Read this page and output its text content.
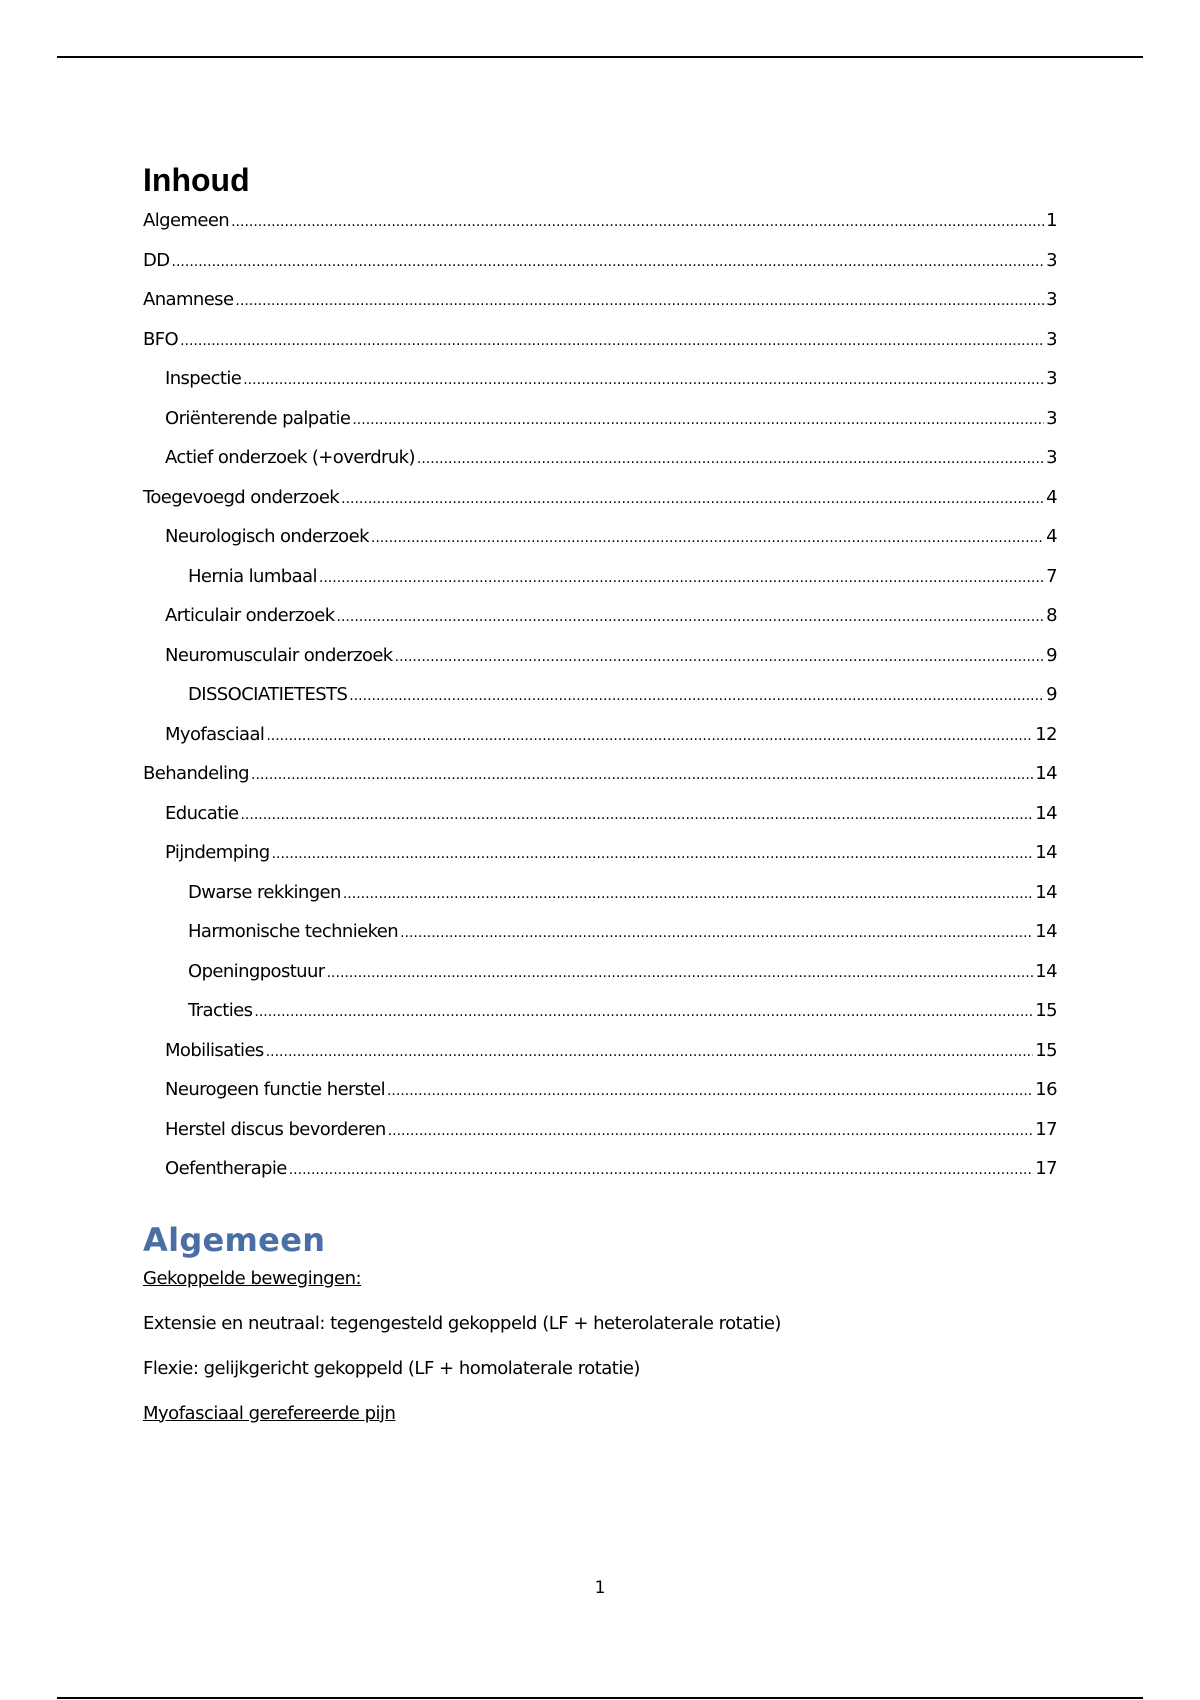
Inhoud
Algemeen .....	1
DD .....	3
Anamnese .....	3
BFO .....	3
Inspectie .....	3
Oriënterende palpatie .....	3
Actief onderzoek (+overdruk) .....	3
Toegevoegd onderzoek .....	4
Neurologisch onderzoek .....	4
Hernia lumbaal .....	7
Articulair onderzoek .....	8
Neuromusculair onderzoek .....	9
DISSOCIATIETESTS .....	9
Myofasciaal .....	12
Behandeling .....	14
Educatie .....	14
Pijndemping .....	14
Dwarse rekkingen .....	14
Harmonische technieken .....	14
Openingpostuur .....	14
Tracties .....	15
Mobilisaties .....	15
Neurogeen functie herstel .....	16
Herstel discus bevorderen .....	17
Oefentherapie .....	17
Algemeen

Gekoppelde bewegingen:

Extensie en neutraal: tegengesteld gekoppeld (LF + heterolaterale rotatie)

Flexie: gelijkgericht gekoppeld (LF + homolaterale rotatie)

Myofasciaal gerefereerde pijn

1
